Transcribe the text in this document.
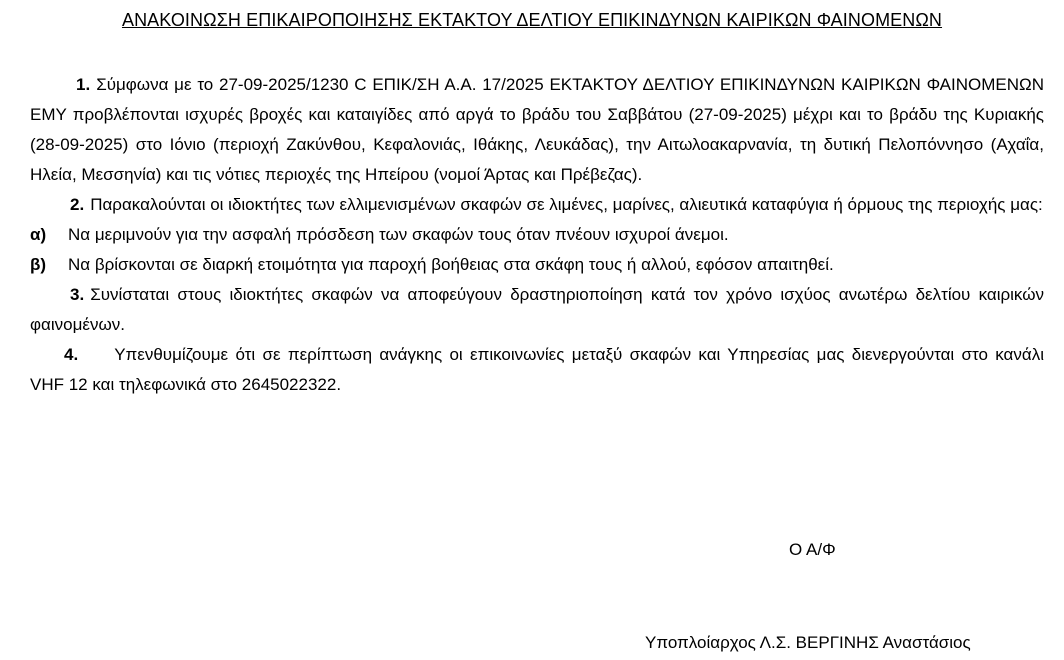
ΑΝΑΚΟΙΝΩΣΗ ΕΠΙΚΑΙΡΟΠΟΙΗΣΗΣ ΕΚΤΑΚΤΟΥ ΔΕΛΤΙΟΥ ΕΠΙΚΙΝΔΥΝΩΝ ΚΑΙΡΙΚΩΝ ΦΑΙΝΟΜΕΝΩΝ

1. Σύμφωνα με το 27-09-2025/1230 C ΕΠΙΚ/ΣΗ Α.Α. 17/2025 ΕΚΤΑΚΤΟΥ ΔΕΛΤΙΟΥ ΕΠΙΚΙΝΔΥΝΩΝ ΚΑΙΡΙΚΩΝ ΦΑΙΝΟΜΕΝΩΝ ΕΜΥ προβλέπονται ισχυρές βροχές και καταιγίδες από αργά το βράδυ του Σαββάτου (27-09-2025) μέχρι και το βράδυ της Κυριακής (28-09-2025) στο Ιόνιο (περιοχή Ζακύνθου, Κεφαλονιάς, Ιθάκης, Λευκάδας), την Αιτωλοακαρνανία, τη δυτική Πελοπόννησο (Αχαΐα, Ηλεία, Μεσσηνία) και τις νότιες περιοχές της Ηπείρου (νομοί Άρτας και Πρέβεζας).

2. Παρακαλούνται οι ιδιοκτήτες των ελλιμενισμένων σκαφών σε λιμένες, μαρίνες, αλιευτικά καταφύγια ή όρμους της περιοχής μας:

α)	Να μεριμνούν για την ασφαλή πρόσδεση των σκαφών τους όταν πνέουν ισχυροί άνεμοι.
β)	Να βρίσκονται σε διαρκή ετοιμότητα για παροχή βοήθειας στα σκάφη τους ή αλλού, εφόσον απαιτηθεί.

3. Συνίσταται στους ιδιοκτήτες σκαφών να αποφεύγουν δραστηριοποίηση κατά τον χρόνο ισχύος ανωτέρω δελτίου καιρικών φαινομένων.

4. Υπενθυμίζουμε ότι σε περίπτωση ανάγκης οι επικοινωνίες μεταξύ σκαφών και Υπηρεσίας μας διενεργούνται στο κανάλι VHF 12 και τηλεφωνικά στο 2645022322.

Ο Α/Φ
Υποπλοίαρχος Λ.Σ. ΒΕΡΓΙΝΗΣ Αναστάσιος
